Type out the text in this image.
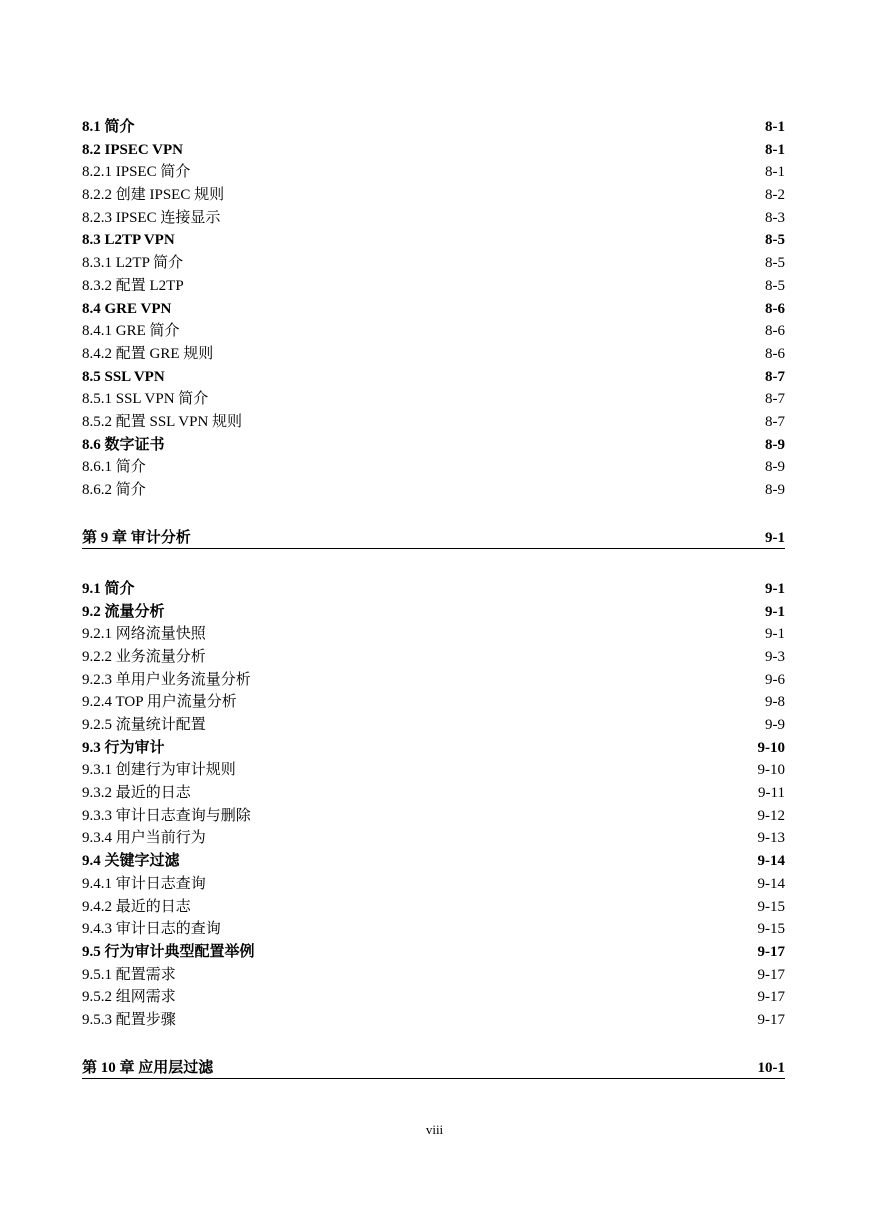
8.1 简介	8-1
8.2 IPSEC VPN	8-1
8.2.1 IPSEC 简介	8-1
8.2.2 创建 IPSEC 规则	8-2
8.2.3 IPSEC 连接显示	8-3
8.3 L2TP VPN	8-5
8.3.1 L2TP 简介	8-5
8.3.2 配置 L2TP	8-5
8.4 GRE VPN	8-6
8.4.1 GRE 简介	8-6
8.4.2 配置 GRE 规则	8-6
8.5 SSL VPN	8-7
8.5.1 SSL VPN 简介	8-7
8.5.2 配置 SSL VPN 规则	8-7
8.6 数字证书	8-9
8.6.1 简介	8-9
8.6.2 简介	8-9
第 9 章 审计分析	9-1
9.1 简介	9-1
9.2 流量分析	9-1
9.2.1 网络流量快照	9-1
9.2.2 业务流量分析	9-3
9.2.3 单用户业务流量分析	9-6
9.2.4 TOP 用户流量分析	9-8
9.2.5 流量统计配置	9-9
9.3 行为审计	9-10
9.3.1 创建行为审计规则	9-10
9.3.2 最近的日志	9-11
9.3.3 审计日志查询与删除	9-12
9.3.4 用户当前行为	9-13
9.4 关键字过滤	9-14
9.4.1 审计日志查询	9-14
9.4.2 最近的日志	9-15
9.4.3 审计日志的查询	9-15
9.5 行为审计典型配置举例	9-17
9.5.1 配置需求	9-17
9.5.2 组网需求	9-17
9.5.3 配置步骤	9-17
第 10 章 应用层过滤	10-1
viii
